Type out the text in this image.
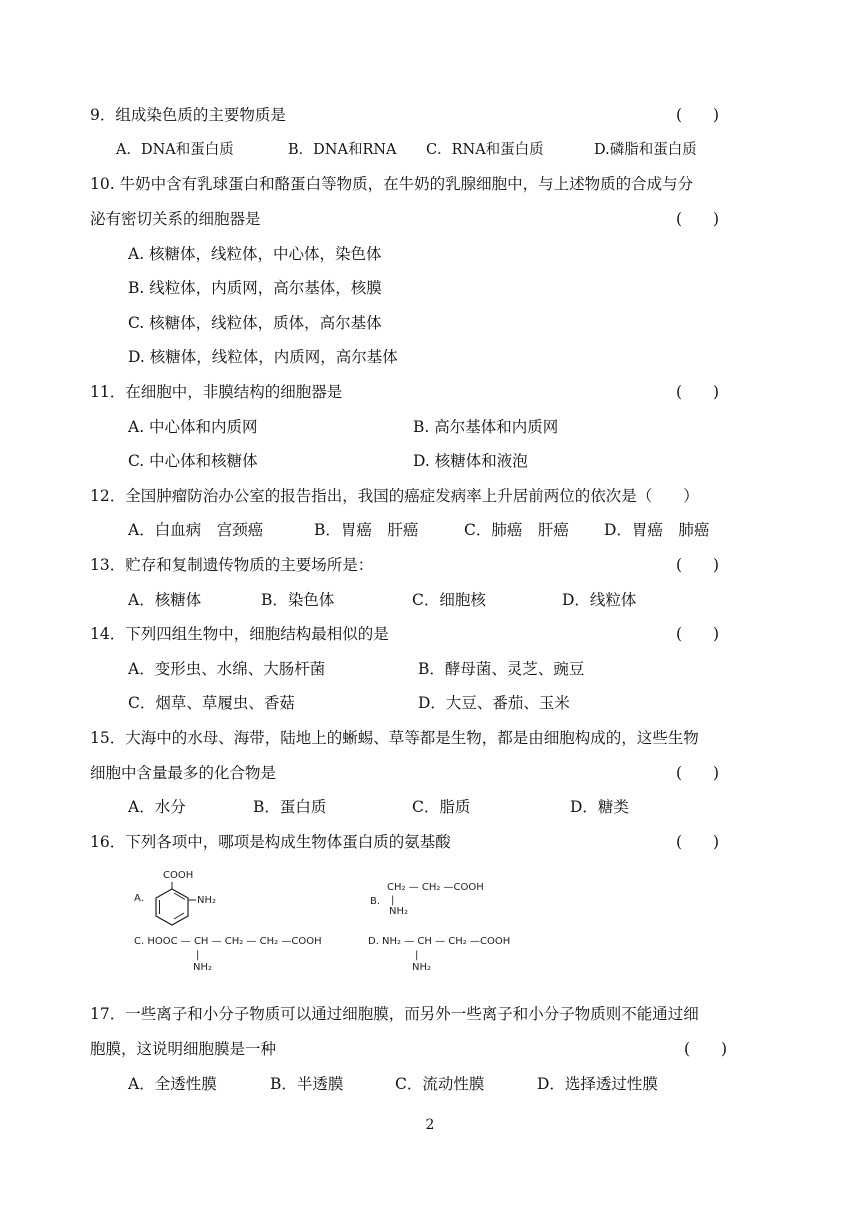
9．组成染色质的主要物质是	(　　)
A．DNA和蛋白质	B．DNA和RNA C．RNA和蛋白质	D.磷脂和蛋白质
10. 牛奶中含有乳球蛋白和酪蛋白等物质，在牛奶的乳腺细胞中，与上述物质的合成与分
泌有密切关系的细胞器是	(　　)
A. 核糖体，线粒体，中心体，染色体
B. 线粒体，内质网，高尔基体，核膜
C. 核糖体，线粒体，质体，高尔基体
D. 核糖体，线粒体，内质网，高尔基体
11．在细胞中，非膜结构的细胞器是	(　　)
A. 中心体和内质网	B. 高尔基体和内质网
C. 中心体和核糖体	D. 核糖体和液泡
12．全国肿瘤防治办公室的报告指出，我国的癌症发病率上升居前两位的依次是（　　）
A．白血病　宫颈癌	B．胃癌　肝癌	C．肺癌　肝癌 D．胃癌　肺癌
13．贮存和复制遗传物质的主要场所是：	(　　)
A．核糖体	B．染色体	C．细胞核	D．线粒体
14．下列四组生物中，细胞结构最相似的是	(　　)
A．变形虫、水绵、大肠杆菌	B．酵母菌、灵芝、豌豆
C．烟草、草履虫、香菇	D．大豆、番茄、玉米
15．大海中的水母、海带，陆地上的蜥蜴、草等都是生物，都是由细胞构成的，这些生物
细胞中含量最多的化合物是	(　　)
A．水分	B．蛋白质	C．脂质	D．糖类
16．下列各项中，哪项是构成生物体蛋白质的氨基酸	(　　)
A．
COOH
NH₂
CH₂ — CH₂ —COOH
B． |
NH₂
C. HOOC — CH — CH₂ — CH₂ —COOH
|
NH₂
D. NH₂ — CH — CH₂ —COOH
|
NH₂
17．一些离子和小分子物质可以通过细胞膜，而另外一些离子和小分子物质则不能通过细
胞膜，这说明细胞膜是一种	(　　)
A．全透性膜	B．半透膜	C．流动性膜	D．选择透过性膜
2
